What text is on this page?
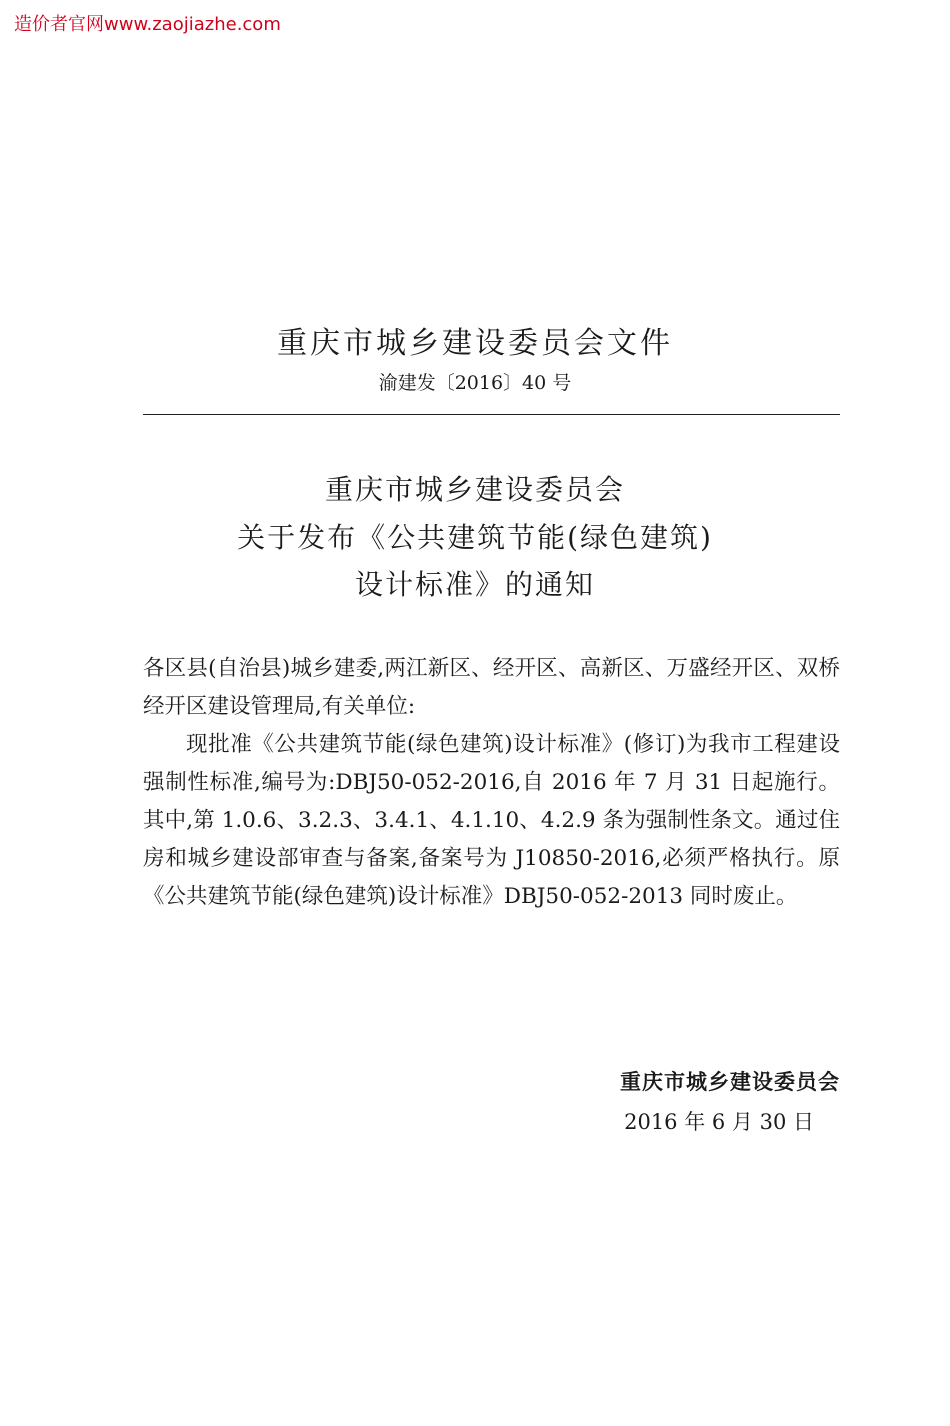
造价者官网www.zaojiazhe.com
重庆市城乡建设委员会文件
渝建发〔2016〕40 号
重庆市城乡建设委员会
关于发布《公共建筑节能(绿色建筑)
设计标准》的通知

各区县(自治县)城乡建委,两江新区、经开区、高新区、万盛经开区、双桥经开区建设管理局,有关单位:

现批准《公共建筑节能(绿色建筑)设计标准》(修订)为我市工程建设强制性标准,编号为:DBJ50-052-2016,自 2016 年 7 月 31 日起施行。其中,第 1.0.6、3.2.3、3.4.1、4.1.10、4.2.9 条为强制性条文。通过住房和城乡建设部审查与备案,备案号为 J10850-2016,必须严格执行。原《公共建筑节能(绿色建筑)设计标准》DBJ50-052-2013 同时废止。

重庆市城乡建设委员会
2016 年 6 月 30 日
